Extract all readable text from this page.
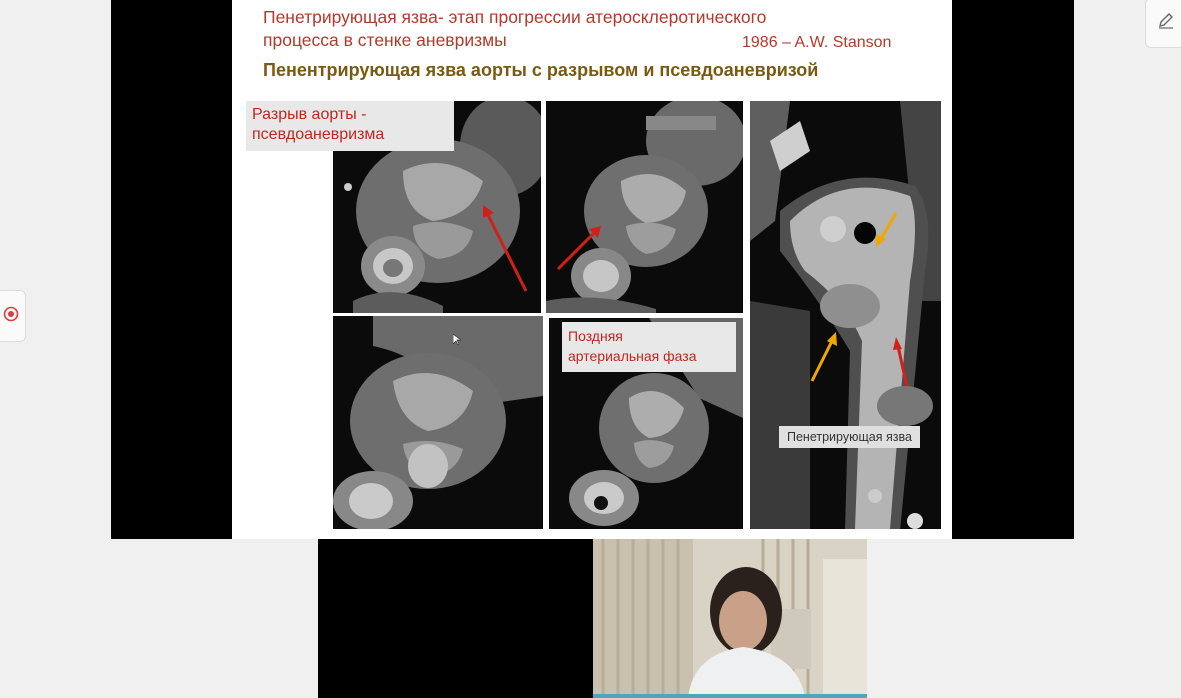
Пенетрирующая язва- этап прогрессии атеросклеротического
процесса в стенке аневризмы	1986 – A.W. Stanson
Пенентрирующая язва аорты с разрывом и псевдоаневризой
Разрыв аорты -
псевдоаневризма
Поздняя
артериальная фаза
Пенетрирующая язва
